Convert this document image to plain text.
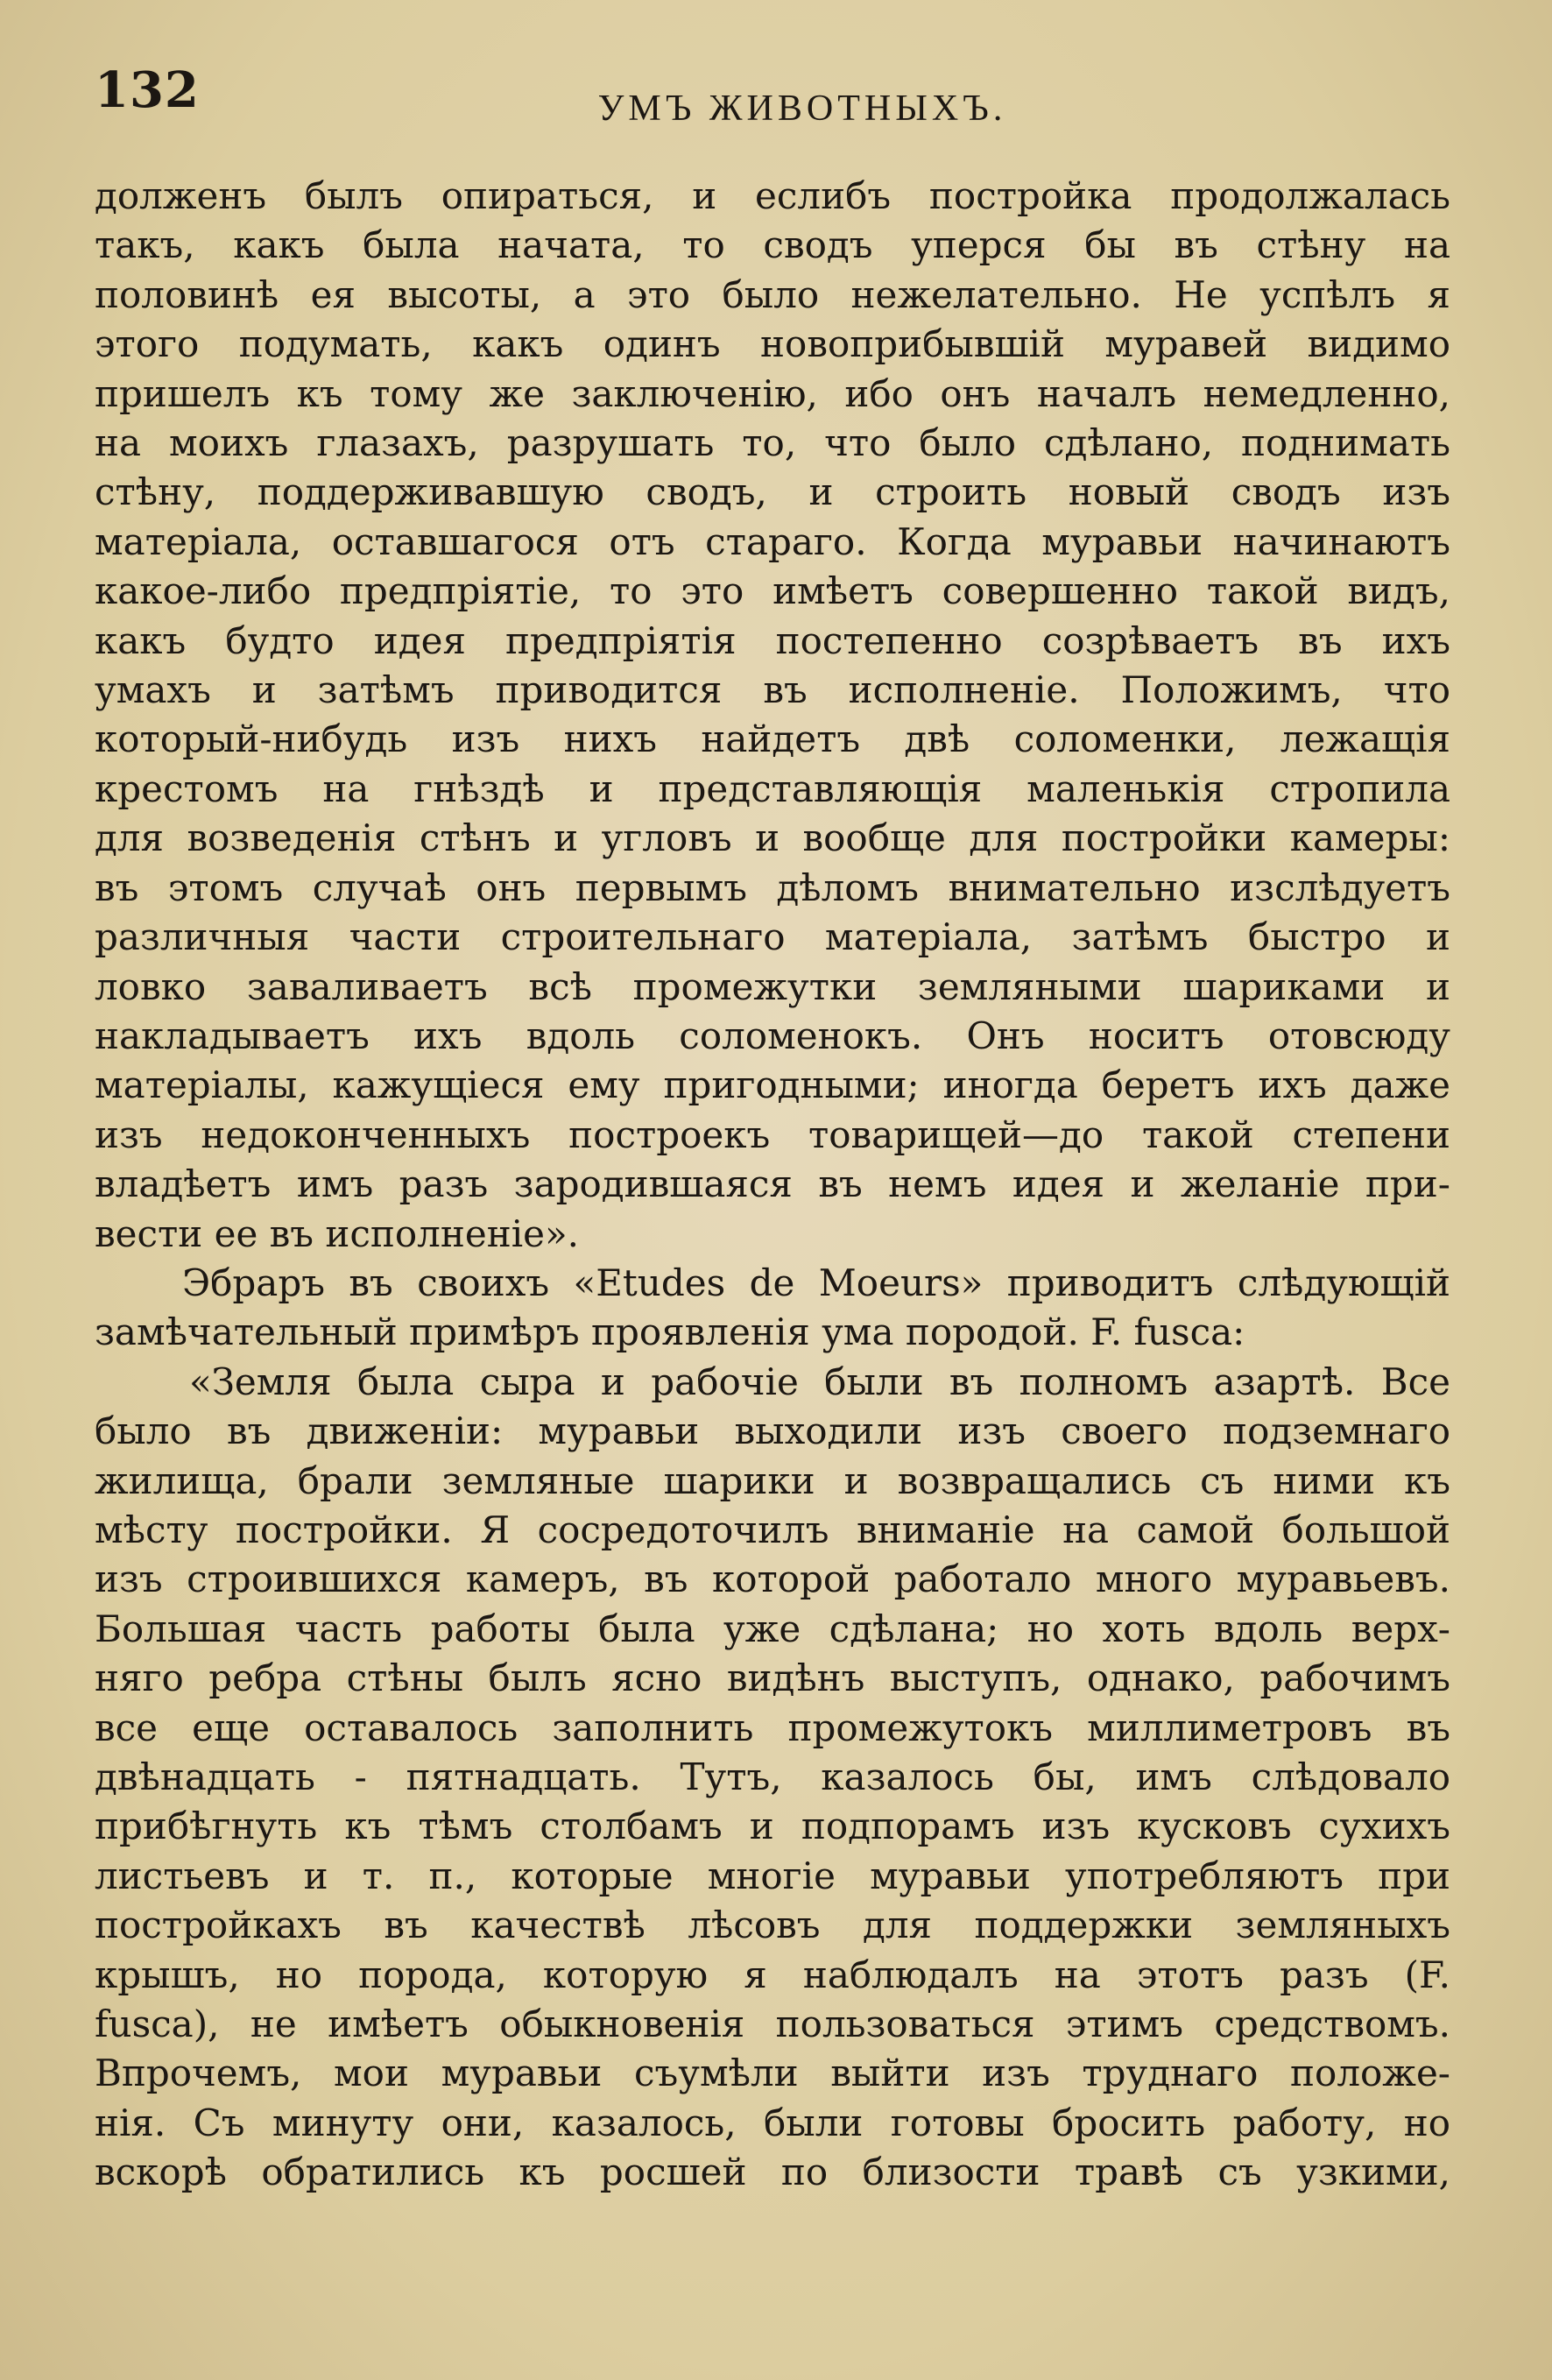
132	УМЪ ЖИВОТНЫХЪ.
долженъ былъ опираться, и еслибъ постройка продолжалась
такъ, какъ была начата, то сводъ уперся бы въ стѣну на
половинѣ ея высоты, а это было нежелательно. Не успѣлъ я
этого подумать, какъ одинъ новоприбывшій муравей видимо
пришелъ къ тому же заключенію, ибо онъ началъ немедленно,
на моихъ глазахъ, разрушать то, что было сдѣлано, поднимать
стѣну, поддерживавшую сводъ, и строить новый сводъ изъ
матеріала, оставшагося отъ стараго. Когда муравьи начинаютъ
какое-либо предпріятіе, то это имѣетъ совершенно такой видъ,
какъ будто идея предпріятія постепенно созрѣваетъ въ ихъ
умахъ и затѣмъ приводится въ исполненіе. Положимъ, что
который-нибудь изъ нихъ найдетъ двѣ соломенки, лежащія
крестомъ на гнѣздѣ и представляющія маленькія стропила
для возведенія стѣнъ и угловъ и вообще для постройки камеры:
въ этомъ случаѣ онъ первымъ дѣломъ внимательно изслѣдуетъ
различныя части строительнаго матеріала, затѣмъ быстро и
ловко заваливаетъ всѣ промежутки земляными шариками и
накладываетъ ихъ вдоль соломенокъ. Онъ носитъ отовсюду
матеріалы, кажущіеся ему пригодными; иногда беретъ ихъ даже
изъ недоконченныхъ построекъ товарищей—до такой степени
владѣетъ имъ разъ зародившаяся въ немъ идея и желаніе при-
вести ее въ исполненіе».
Эбраръ въ своихъ «Etudes de Moeurs» приводитъ слѣдующій
замѣчательный примѣръ проявленія ума породой. F. fusca:
«Земля была сыра и рабочіе были въ полномъ азартѣ. Все
было въ движеніи: муравьи выходили изъ своего подземнаго
жилища, брали земляные шарики и возвращались съ ними къ
мѣсту постройки. Я сосредоточилъ вниманіе на самой большой
изъ строившихся камеръ, въ которой работало много муравьевъ.
Большая часть работы была уже сдѣлана; но хоть вдоль верх-
няго ребра стѣны былъ ясно видѣнъ выступъ, однако, рабочимъ
все еще оставалось заполнить промежутокъ миллиметровъ въ
двѣнадцать - пятнадцать. Тутъ, казалось бы, имъ слѣдовало
прибѣгнуть къ тѣмъ столбамъ и подпорамъ изъ кусковъ сухихъ
листьевъ и т. п., которые многіе муравьи употребляютъ при
постройкахъ въ качествѣ лѣсовъ для поддержки земляныхъ
крышъ, но порода, которую я наблюдалъ на этотъ разъ (F.
fusca), не имѣетъ обыкновенія пользоваться этимъ средствомъ.
Впрочемъ, мои муравьи съумѣли выйти изъ труднаго положе-
нія. Съ минуту они, казалось, были готовы бросить работу, но
вскорѣ обратились къ росшей по близости травѣ съ узкими,
